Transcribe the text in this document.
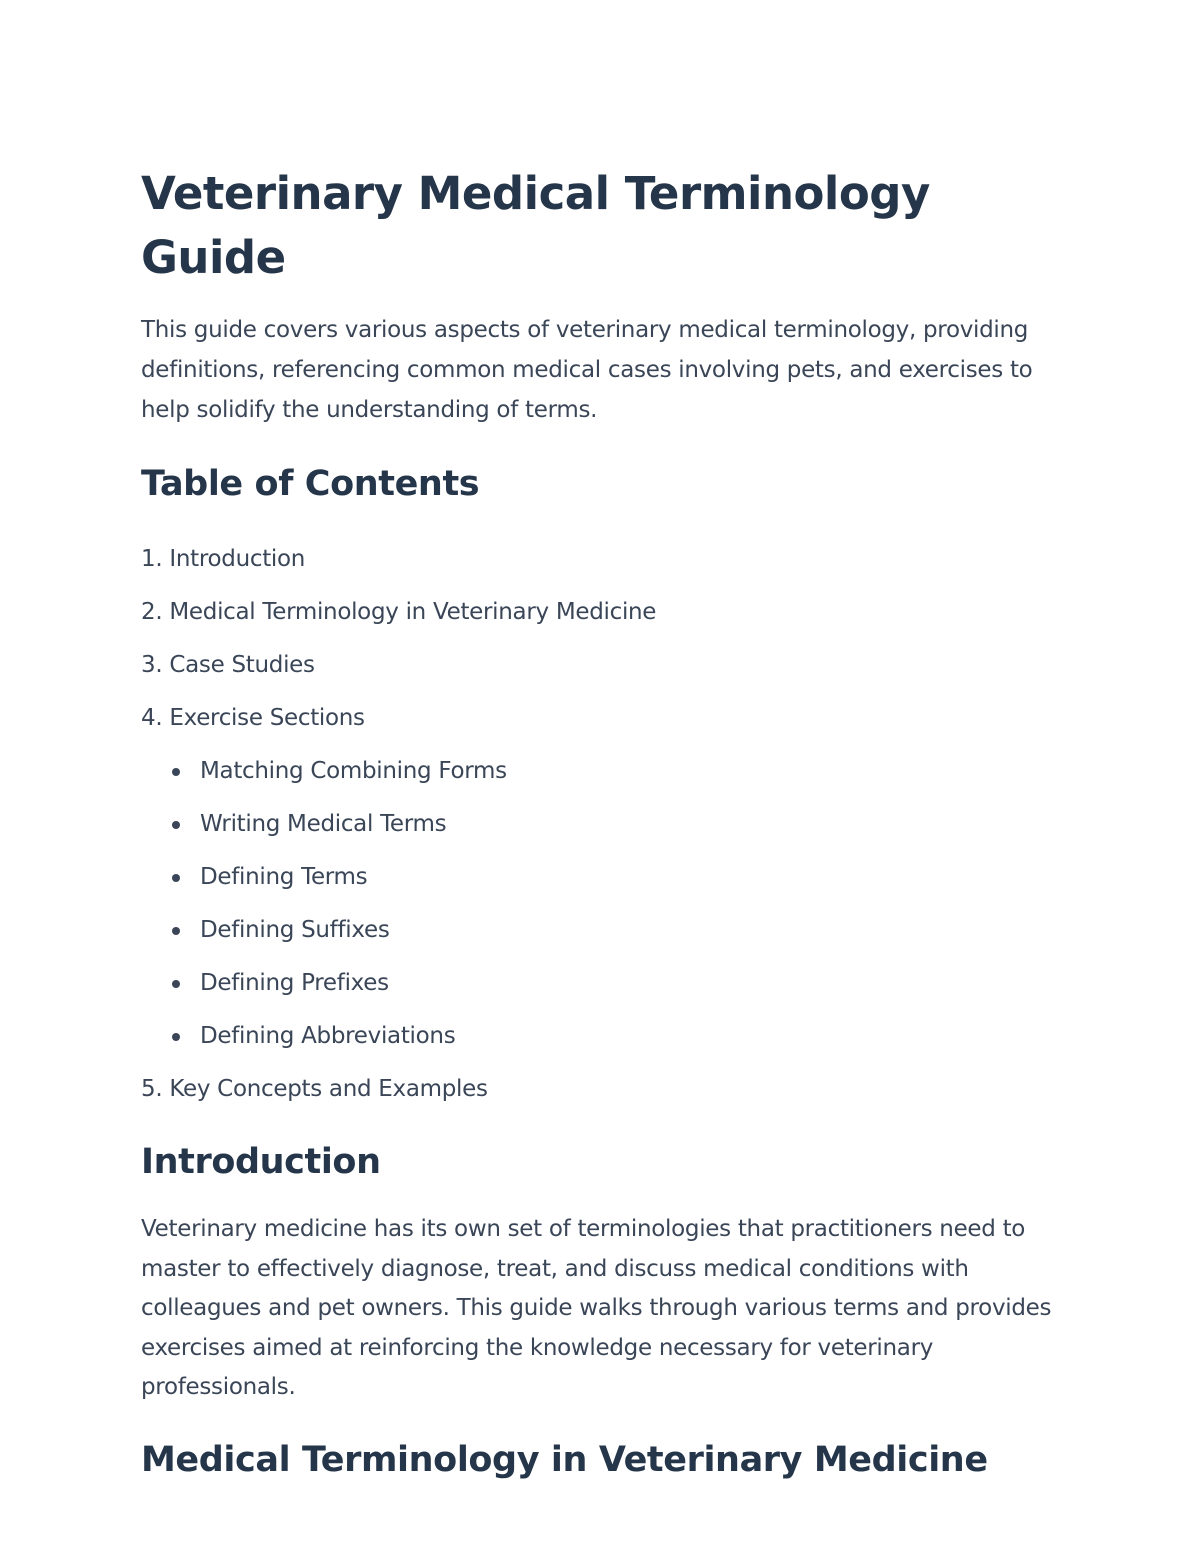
Veterinary Medical Terminology Guide

This guide covers various aspects of veterinary medical terminology, providing definitions, referencing common medical cases involving pets, and exercises to help solidify the understanding of terms.

Table of Contents
1. Introduction
2. Medical Terminology in Veterinary Medicine
3. Case Studies
4. Exercise Sections
Matching Combining Forms
Writing Medical Terms
Defining Terms
Defining Suffixes
Defining Prefixes
Defining Abbreviations
5. Key Concepts and Examples
Introduction

Veterinary medicine has its own set of terminologies that practitioners need to master to effectively diagnose, treat, and discuss medical conditions with colleagues and pet owners. This guide walks through various terms and provides exercises aimed at reinforcing the knowledge necessary for veterinary professionals.

Medical Terminology in Veterinary Medicine
